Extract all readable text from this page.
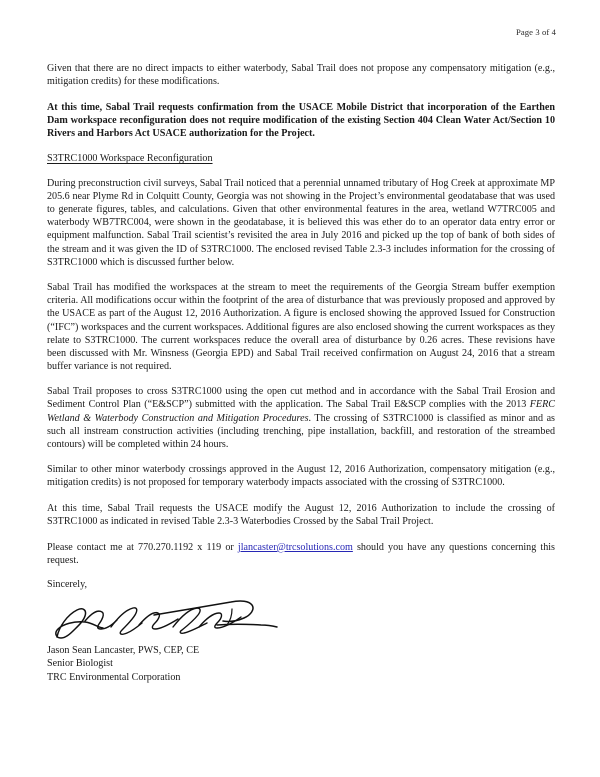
Page 3 of 4

Given that there are no direct impacts to either waterbody, Sabal Trail does not propose any compensatory mitigation (e.g., mitigation credits) for these modifications.

At this time, Sabal Trail requests confirmation from the USACE Mobile District that incorporation of the Earthen Dam workspace reconfiguration does not require modification of the existing Section 404 Clean Water Act/Section 10 Rivers and Harbors Act USACE authorization for the Project.

S3TRC1000 Workspace Reconfiguration

During preconstruction civil surveys, Sabal Trail noticed that a perennial unnamed tributary of Hog Creek at approximate MP 205.6 near Plyme Rd in Colquitt County, Georgia was not showing in the Project’s environmental geodatabase that was used to generate figures, tables, and calculations. Given that other environmental features in the area, wetland W7TRC005 and waterbody WB7TRC004, were shown in the geodatabase, it is believed this was ether do to an operator data entry error or equipment malfunction. Sabal Trail scientist’s revisited the area in July 2016 and picked up the top of bank of both sides of the stream and it was given the ID of S3TRC1000. The enclosed revised Table 2.3-3 includes information for the crossing of S3TRC1000 which is discussed further below.

Sabal Trail has modified the workspaces at the stream to meet the requirements of the Georgia Stream buffer exemption criteria. All modifications occur within the footprint of the area of disturbance that was previously proposed and approved by the USACE as part of the August 12, 2016 Authorization. A figure is enclosed showing the approved Issued for Construction (“IFC”) workspaces and the current workspaces. Additional figures are also enclosed showing the current workspaces as they relate to S3TRC1000. The current workspaces reduce the overall area of disturbance by 0.26 acres. These revisions have been discussed with Mr. Winsness (Georgia EPD) and Sabal Trail received confirmation on August 24, 2016 that a stream buffer variance is not required.

Sabal Trail proposes to cross S3TRC1000 using the open cut method and in accordance with the Sabal Trail Erosion and Sediment Control Plan (“E&SCP”) submitted with the application. The Sabal Trail E&SCP complies with the 2013 FERC Wetland & Waterbody Construction and Mitigation Procedures. The crossing of S3TRC1000 is classified as minor and as such all instream construction activities (including trenching, pipe installation, backfill, and restoration of the streambed contours) will be completed within 24 hours.

Similar to other minor waterbody crossings approved in the August 12, 2016 Authorization, compensatory mitigation (e.g., mitigation credits) is not proposed for temporary waterbody impacts associated with the crossing of S3TRC1000.

At this time, Sabal Trail requests the USACE modify the August 12, 2016 Authorization to include the crossing of S3TRC1000 as indicated in revised Table 2.3-3 Waterbodies Crossed by the Sabal Trail Project.

Please contact me at 770.270.1192 x 119 or jlancaster@trcsolutions.com should you have any questions concerning this request.

Sincerely,

Jason Sean Lancaster, PWS, CEP, CE
Senior Biologist
TRC Environmental Corporation
